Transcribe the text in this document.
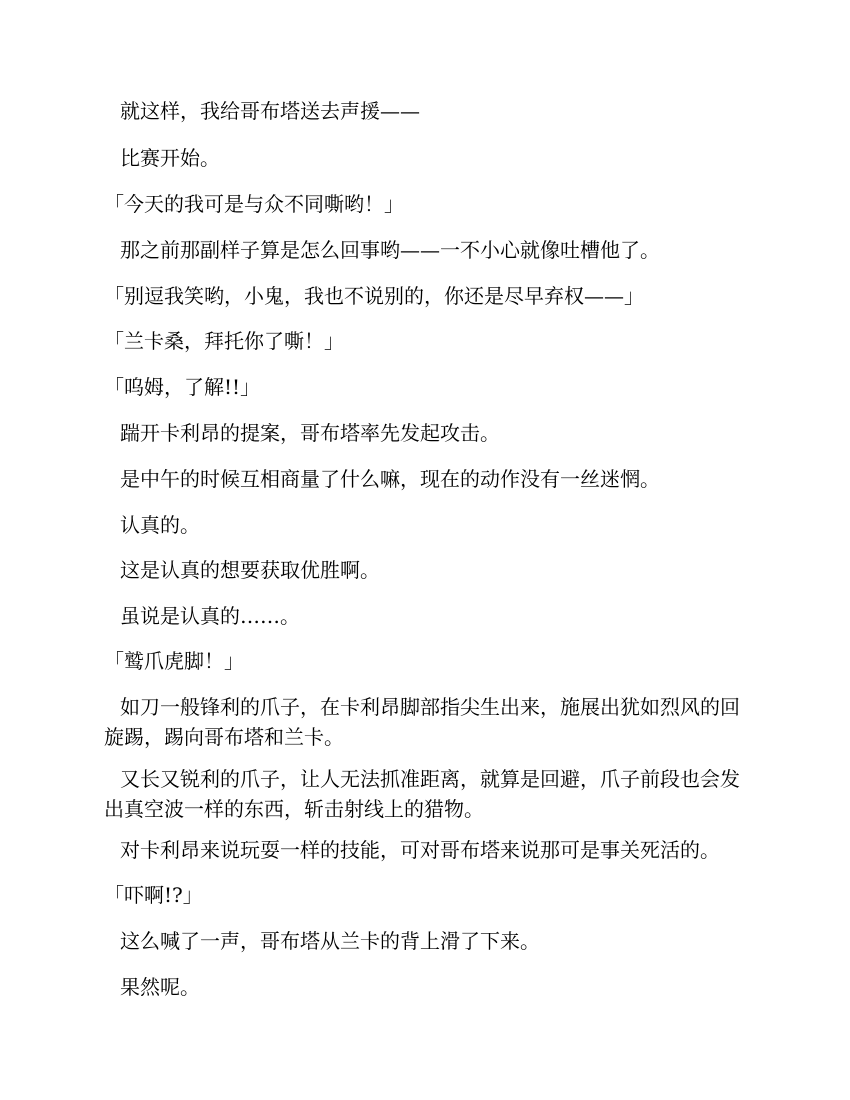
就这样，我给哥布塔送去声援——

比赛开始。

「今天的我可是与众不同嘶哟！」

那之前那副样子算是怎么回事哟——一不小心就像吐槽他了。

「别逗我笑哟，小鬼，我也不说别的，你还是尽早弃权——」

「兰卡桑，拜托你了嘶！」

「呜姆，了解!!」

踹开卡利昂的提案，哥布塔率先发起攻击。

是中午的时候互相商量了什么嘛，现在的动作没有一丝迷惘。

认真的。

这是认真的想要获取优胜啊。

虽说是认真的……。

「鹫爪虎脚！」

如刀一般锋利的爪子，在卡利昂脚部指尖生出来，施展出犹如烈风的回旋踢，踢向哥布塔和兰卡。

又长又锐利的爪子，让人无法抓准距离，就算是回避，爪子前段也会发出真空波一样的东西，斩击射线上的猎物。

对卡利昂来说玩耍一样的技能，可对哥布塔来说那可是事关死活的。

「吓啊!?」

这么喊了一声，哥布塔从兰卡的背上滑了下来。

果然呢。
